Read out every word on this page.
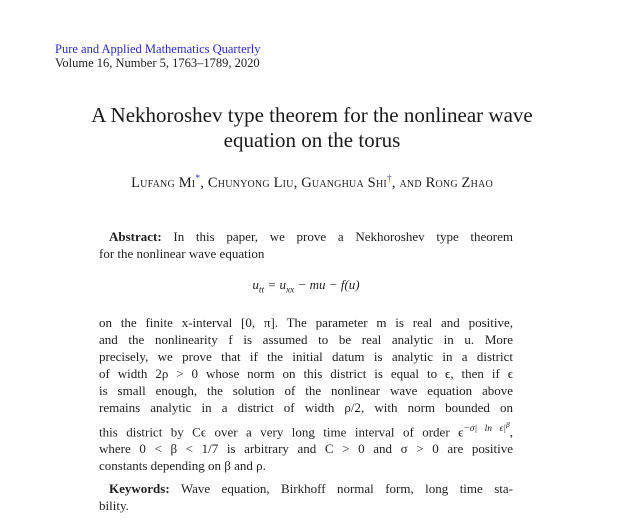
Pure and Applied Mathematics Quarterly
Volume 16, Number 5, 1763–1789, 2020
A Nekhoroshev type theorem for the nonlinear wave
equation on the torus
Lufang Mi*, Chunyong Liu, Guanghua Shi†, and Rong Zhao
Abstract: In this paper, we prove a Nekhoroshev type theorem
for the nonlinear wave equation
$u_{tt} = u_{xx}$ − mu − f(u)
on the finite x-interval [0, π]. The parameter m is real and positive,
and the nonlinearity f is assumed to be real analytic in u. More
precisely, we prove that if the initial datum is analytic in a district
of width 2ρ > 0 whose norm on this district is equal to ϵ, then if ϵ
is small enough, the solution of the nonlinear wave equation above
remains analytic in a district of width ρ/2, with norm bounded on
this district by Cϵ over a very long time interval of order $\epsilon^{-\sigma| ln \epsilon|^\beta}$,
where 0 < β < 1/7 is arbitrary and C > 0 and σ > 0 are positive
constants depending on β and ρ.
Keywords: Wave equation, Birkhoff normal form, long time sta-
bility.
